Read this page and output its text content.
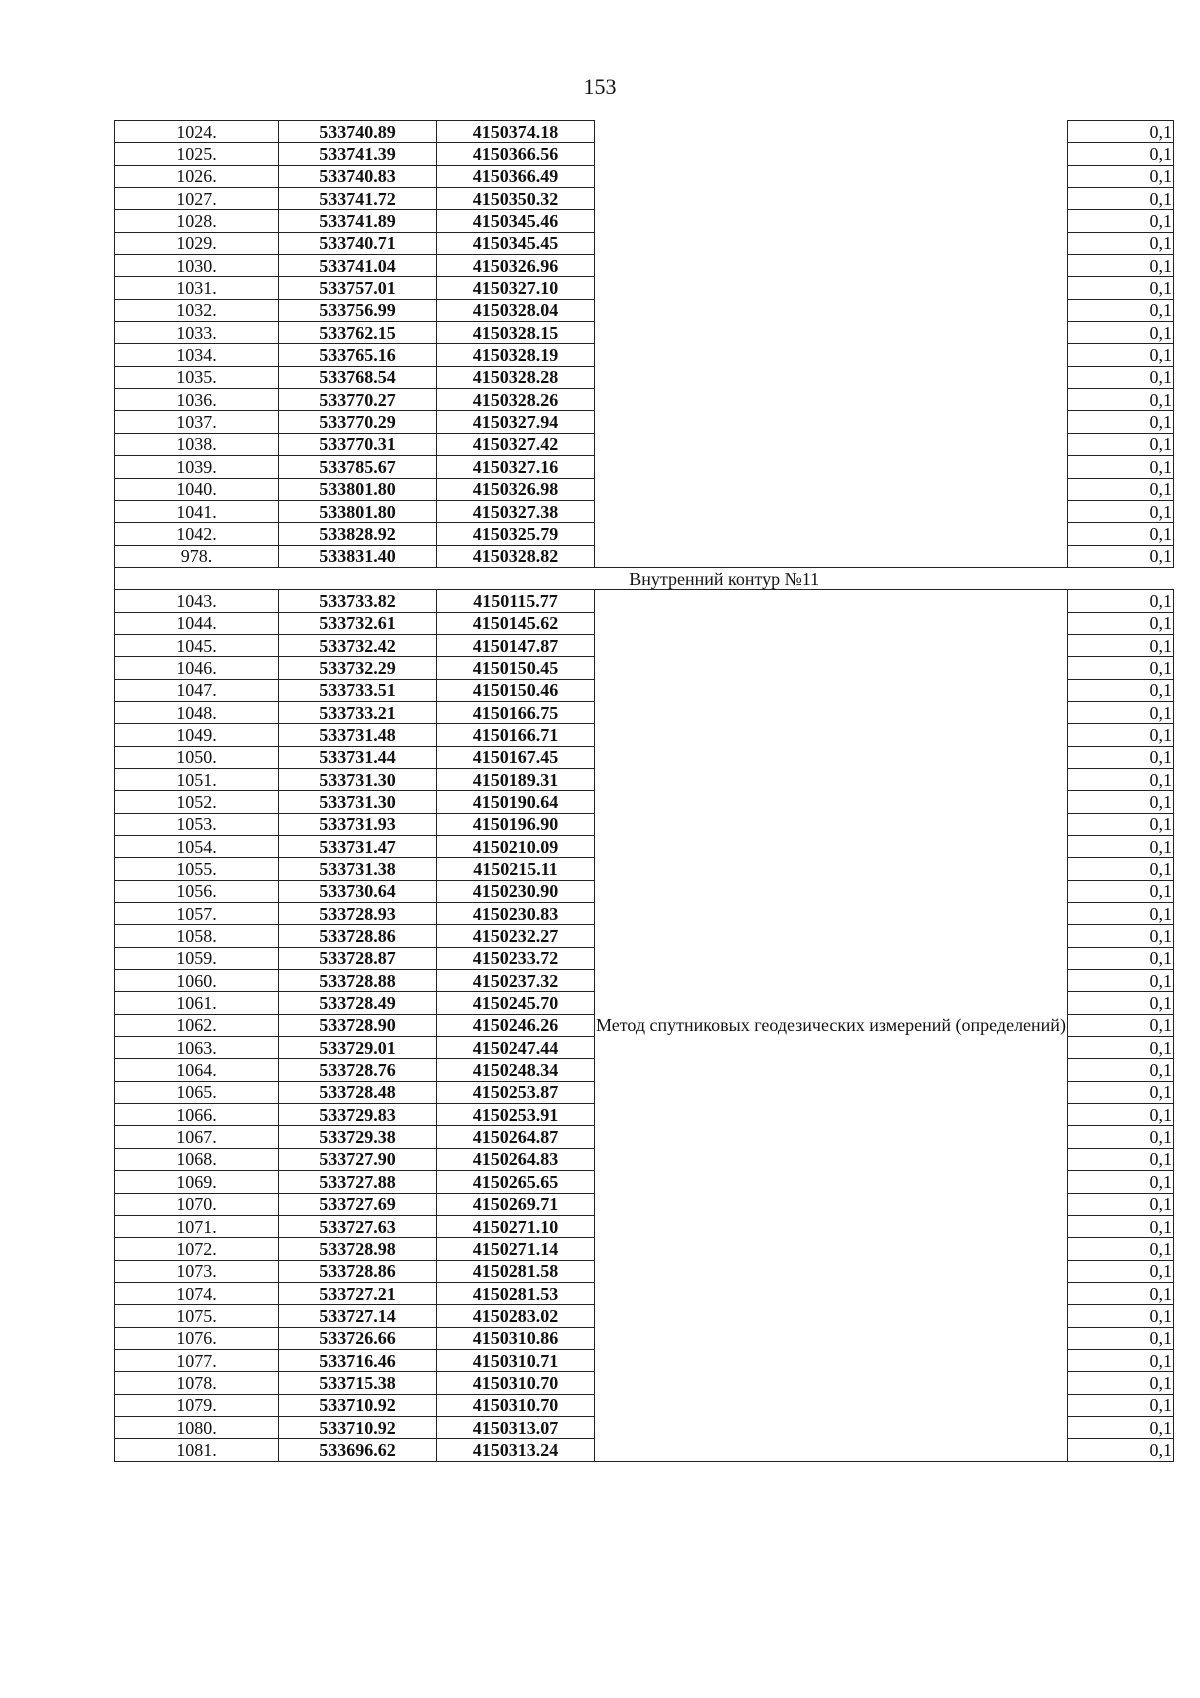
153
1024.	533740.89	4150374.18		0,1
1025.	533741.39	4150366.56		0,1
1026.	533740.83	4150366.49		0,1
1027.	533741.72	4150350.32		0,1
1028.	533741.89	4150345.46		0,1
1029.	533740.71	4150345.45		0,1
1030.	533741.04	4150326.96		0,1
1031.	533757.01	4150327.10		0,1
1032.	533756.99	4150328.04		0,1
1033.	533762.15	4150328.15		0,1
1034.	533765.16	4150328.19		0,1
1035.	533768.54	4150328.28		0,1
1036.	533770.27	4150328.26		0,1
1037.	533770.29	4150327.94		0,1
1038.	533770.31	4150327.42		0,1
1039.	533785.67	4150327.16		0,1
1040.	533801.80	4150326.98		0,1
1041.	533801.80	4150327.38		0,1
1042.	533828.92	4150325.79		0,1
978.	533831.40	4150328.82		0,1
Внутренний контур №11				
1043.	533733.82	4150115.77	Метод спутниковых геодезических измерений (определений)	0,1
1044.	533732.61	4150145.62		0,1
1045.	533732.42	4150147.87		0,1
1046.	533732.29	4150150.45		0,1
1047.	533733.51	4150150.46		0,1
1048.	533733.21	4150166.75		0,1
1049.	533731.48	4150166.71		0,1
1050.	533731.44	4150167.45		0,1
1051.	533731.30	4150189.31		0,1
1052.	533731.30	4150190.64		0,1
1053.	533731.93	4150196.90		0,1
1054.	533731.47	4150210.09		0,1
1055.	533731.38	4150215.11		0,1
1056.	533730.64	4150230.90		0,1
1057.	533728.93	4150230.83		0,1
1058.	533728.86	4150232.27		0,1
1059.	533728.87	4150233.72		0,1
1060.	533728.88	4150237.32		0,1
1061.	533728.49	4150245.70		0,1
1062.	533728.90	4150246.26		0,1
1063.	533729.01	4150247.44		0,1
1064.	533728.76	4150248.34		0,1
1065.	533728.48	4150253.87		0,1
1066.	533729.83	4150253.91		0,1
1067.	533729.38	4150264.87		0,1
1068.	533727.90	4150264.83		0,1
1069.	533727.88	4150265.65		0,1
1070.	533727.69	4150269.71		0,1
1071.	533727.63	4150271.10		0,1
1072.	533728.98	4150271.14		0,1
1073.	533728.86	4150281.58		0,1
1074.	533727.21	4150281.53		0,1
1075.	533727.14	4150283.02		0,1
1076.	533726.66	4150310.86		0,1
1077.	533716.46	4150310.71		0,1
1078.	533715.38	4150310.70		0,1
1079.	533710.92	4150310.70		0,1
1080.	533710.92	4150313.07		0,1
1081.	533696.62	4150313.24		0,1
